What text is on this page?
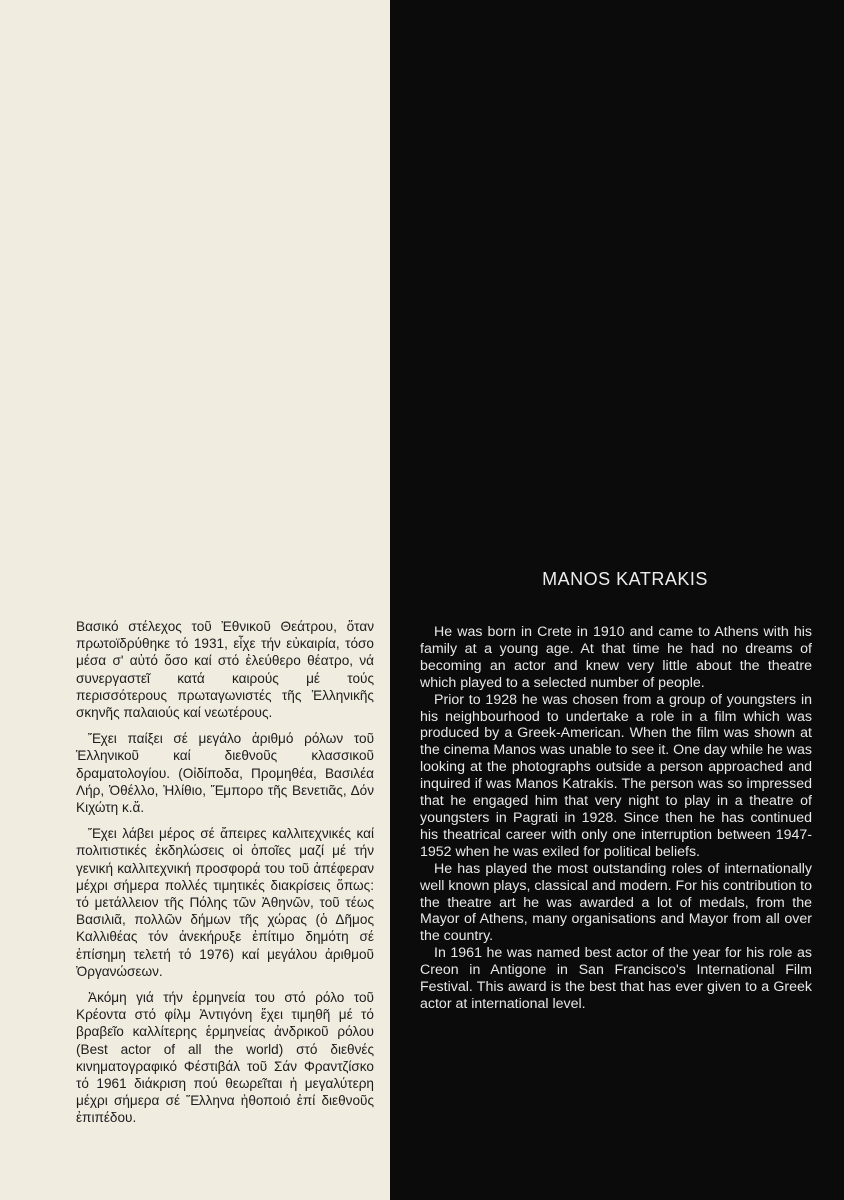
Βασικό στέλεχος τοῦ Ἐθνικοῦ Θεάτρου, ὅταν πρωτοϊδρύθηκε τό 1931, εἶχε τήν εὐκαιρία, τόσο μέσα σ' αὐτό ὅσο καί στό ἐλεύθερο θέατρο, νά συνεργαστεῖ κατά καιρούς μέ τούς περισσότερους πρωταγωνιστές τῆς Ἑλληνικῆς σκηνῆς παλαιούς καί νεωτέρους.

Ἔχει παίξει σέ μεγάλο ἀριθμό ρόλων τοῦ Ἑλληνικοῦ καί διεθνοῦς κλασσικοῦ δραματολογίου. (Οἰδίποδα, Προμηθέα, Βασιλέα Λήρ, Ὀθέλλο, Ἠλίθιο, Ἔμπορο τῆς Βενετιᾶς, Δόν Κιχώτη κ.ἄ.

Ἔχει λάβει μέρος σέ ἄπειρες καλλιτεχνικές καί πολιτιστικές ἐκδηλώσεις οἱ ὁποῖες μαζί μέ τήν γενική καλλιτεχνική προσφορά του τοῦ ἀπέφεραν μέχρι σήμερα πολλές τιμητικές διακρίσεις ὅπως: τό μετάλλειον τῆς Πόλης τῶν Ἀθηνῶν, τοῦ τέως Βασιλιᾶ, πολλῶν δήμων τῆς χώρας (ὁ Δῆμος Καλλιθέας τόν ἀνεκήρυξε ἐπίτιμο δημότη σέ ἐπίσημη τελετή τό 1976) καί μεγάλου ἀριθμοῦ Ὀργανώσεων.

Ἀκόμη γιά τήν ἑρμηνεία του στό ρόλο τοῦ Κρέοντα στό φίλμ Ἀντιγόνη ἔχει τιμηθῆ μέ τό βραβεῖο καλλίτερης ἑρμηνείας ἀνδρικοῦ ρόλου (Best actor of all the world) στό διεθνές κινηματογραφικό Φέστιβάλ τοῦ Σάν Φραντζίσκο τό 1961 διάκριση πού θεωρεῖται ἡ μεγαλύτερη μέχρι σήμερα σέ Ἕλληνα ἠθοποιό ἐπί διεθνοῦς ἐπιπέδου.

MANOS KATRAKIS

He was born in Crete in 1910 and came to Athens with his family at a young age. At that time he had no dreams of becoming an actor and knew very little about the theatre which played to a selected number of people.

Prior to 1928 he was chosen from a group of youngsters in his neighbourhood to undertake a role in a film which was produced by a Greek-American. When the film was shown at the cinema Manos was unable to see it. One day while he was looking at the photographs outside a person approached and inquired if was Manos Katrakis. The person was so impressed that he engaged him that very night to play in a theatre of youngsters in Pagrati in 1928. Since then he has continued his theatrical career with only one interruption between 1947-1952 when he was exiled for political beliefs.

He has played the most outstanding roles of internationally well known plays, classical and modern. For his contribution to the theatre art he was awarded a lot of medals, from the Mayor of Athens, many organisations and Mayor from all over the country.

In 1961 he was named best actor of the year for his role as Creon in Antigone in San Francisco's International Film Festival. This award is the best that has ever given to a Greek actor at international level.
